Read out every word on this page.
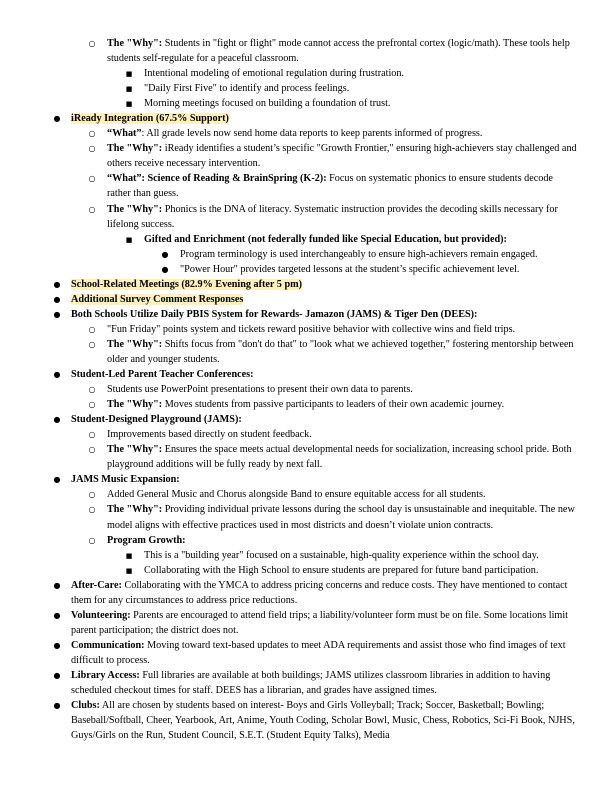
○
The "Why": Students in "fight or flight" mode cannot access the prefrontal cortex (logic/math). These tools help students self-regulate for a peaceful classroom.
■
Intentional modeling of emotional regulation during frustration.
■
"Daily First Five" to identify and process feelings.
■
Morning meetings focused on building a foundation of trust.
●
iReady Integration (67.5% Support)
○
“What”: All grade levels now send home data reports to keep parents informed of progress.
○
The "Why": iReady identifies a student’s specific "Growth Frontier," ensuring high-achievers stay challenged and others receive necessary intervention.
○
“What”: Science of Reading & BrainSpring (K-2): Focus on systematic phonics to ensure students decode rather than guess.
○
The "Why": Phonics is the DNA of literacy. Systematic instruction provides the decoding skills necessary for lifelong success.
■
Gifted and Enrichment (not federally funded like Special Education, but provided):
●
Program terminology is used interchangeably to ensure high-achievers remain engaged.
●
"Power Hour" provides targeted lessons at the student’s specific achievement level.
●
School-Related Meetings (82.9% Evening after 5 pm)
●
Additional Survey Comment Responses
●
Both Schools Utilize Daily PBIS System for Rewards- Jamazon (JAMS) & Tiger Den (DEES):
○
"Fun Friday" points system and tickets reward positive behavior with collective wins and field trips.
○
The "Why": Shifts focus from "don't do that" to "look what we achieved together," fostering mentorship between older and younger students.
●
Student-Led Parent Teacher Conferences:
○
Students use PowerPoint presentations to present their own data to parents.
○
The "Why": Moves students from passive participants to leaders of their own academic journey.
●
Student-Designed Playground (JAMS):
○
Improvements based directly on student feedback.
○
The "Why": Ensures the space meets actual developmental needs for socialization, increasing school pride. Both playground additions will be fully ready by next fall.
●
JAMS Music Expansion:
○
Added General Music and Chorus alongside Band to ensure equitable access for all students.
○
The "Why": Providing individual private lessons during the school day is unsustainable and inequitable. The new model aligns with effective practices used in most districts and doesn’t violate union contracts.
○
Program Growth:
■
This is a "building year" focused on a sustainable, high-quality experience within the school day.
■
Collaborating with the High School to ensure students are prepared for future band participation.
●
After-Care: Collaborating with the YMCA to address pricing concerns and reduce costs. They have mentioned to contact them for any circumstances to address price reductions.
●
Volunteering: Parents are encouraged to attend field trips; a liability/volunteer form must be on file. Some locations limit parent participation; the district does not.
●
Communication: Moving toward text-based updates to meet ADA requirements and assist those who find images of text difficult to process.
●
Library Access: Full libraries are available at both buildings; JAMS utilizes classroom libraries in addition to having scheduled checkout times for staff. DEES has a librarian, and grades have assigned times.
●
Clubs: All are chosen by students based on interest- Boys and Girls Volleyball; Track; Soccer, Basketball; Bowling; Baseball/Softball, Cheer, Yearbook, Art, Anime, Youth Coding, Scholar Bowl, Music, Chess, Robotics, Sci-Fi Book, NJHS, Guys/Girls on the Run, Student Council, S.E.T. (Student Equity Talks), Media
